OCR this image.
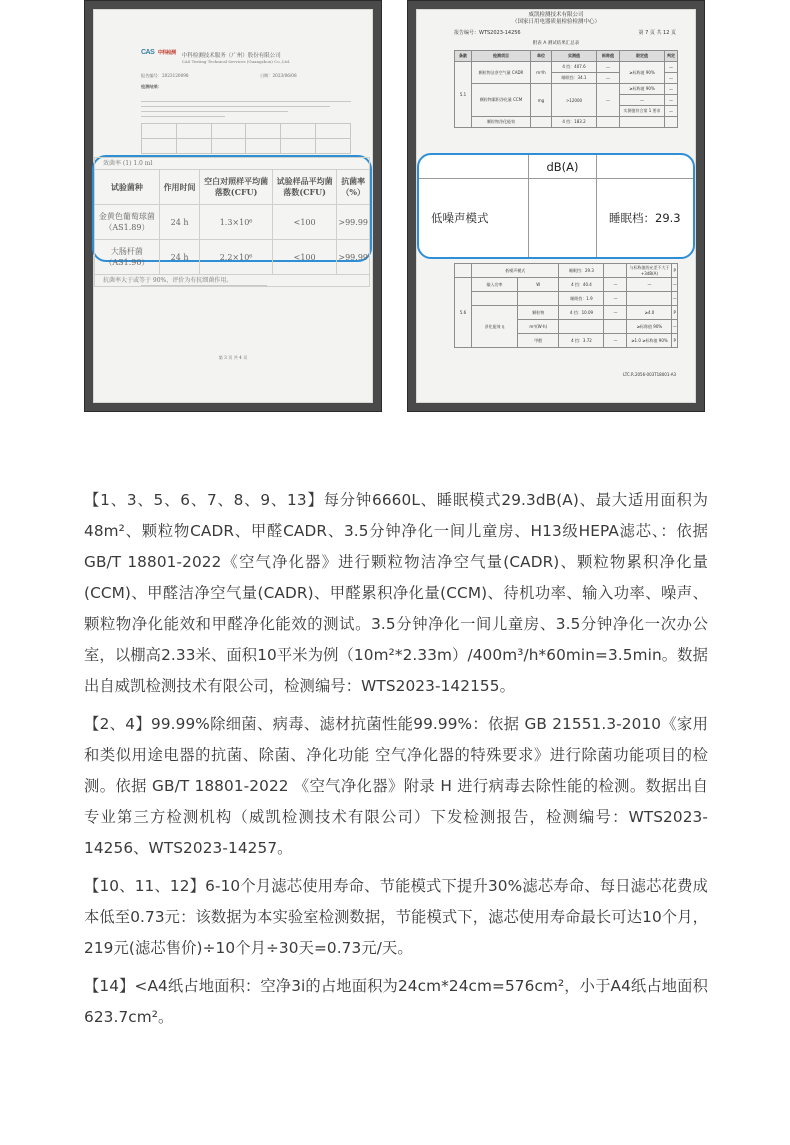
$^{CAS}$ $^{中科检测}$ 中科检测技术服务（广州）股份有限公司
CAS Testing Technical Services (Guangzhou) Co.,Ltd.
报告编号：2023120098	日期：2023/06/08
检测结果：

第 3 页 共 4 页
效菌率 (1) 1.0 ml				
试验菌种	作用时间	空白对照样平均菌落数(CFU)	试验样品平均菌落数(CFU)	抗菌率（%）
金黄色葡萄球菌（AS1.89）	24 h	1.3×10⁶	<100	>99.99
大肠杆菌（AS1.90）	24 h	2.2×10⁶	<100	>99.99
抗菌率大于或等于 90%，评价为有抗细菌作用。				
威凯检测技术有限公司
（国家日用电器质量检验检测中心）
报告编号：WTS2023-14256	第 7 页 共 12 页
附表 A 测试结果汇总表
条款	检测项目	单位	实测值	标称值	限定值	判定
5.1	颗粒物洁净空气量 CADR	m³/h	4 挡：407.6	—	≥标称值 90%	—
			睡眠挡：34.1	—		—
	颗粒物累积净化量 CCM	mg	>12000	—	≥标称值 90%	—
					—	—
					实测值符合第 1 要求	—
	颗粒物净化能效		4 挡：183.2			
	低噪声模式		睡眠挡：29.3		与标称值的允差不大于+3dB(A)	P
5.6	输入功率	W	4 挡：40.4	—	—	—
			睡眠挡：1.9	—		—
	净化能效 η	颗粒物	4 挡：10.09	—	≥4.0	P
		m³/(W·h)			≥标称值 90%	—
		甲醛	4 挡：3.72	—	≥1.0 ≥标称值 90%	P
LTC.R.2056-003T18001-A3
dB(A)
低噪声模式	睡眠档：29.3

【1、3、5、6、7、8、9、13】每分钟6660L、睡眠模式29.3dB(A)、最大适用面积为48m²、颗粒物CADR、甲醛CADR、3.5分钟净化一间儿童房、H13级HEPA滤芯、：依据 GB/T 18801-2022《空气净化器》进行颗粒物洁净空气量(CADR)、颗粒物累积净化量(CCM)、甲醛洁净空气量(CADR)、甲醛累积净化量(CCM)、待机功率、输入功率、噪声、颗粒物净化能效和甲醛净化能效的测试。3.5分钟净化一间儿童房、3.5分钟净化一次办公室，以棚高2.33米、面积10平米为例（10m²*2.33m）/400m³/h*60min=3.5min。数据出自威凯检测技术有限公司，检测编号：WTS2023-142155。

【2、4】99.99%除细菌、病毒、滤材抗菌性能99.99%：依据 GB 21551.3-2010《家用和类似用途电器的抗菌、除菌、净化功能 空气净化器的特殊要求》进行除菌功能项目的检测。依据 GB/T 18801-2022 《空气净化器》附录 H 进行病毒去除性能的检测。数据出自专业第三方检测机构（威凯检测技术有限公司）下发检测报告，检测编号：WTS2023-14256、WTS2023-14257。

【10、11、12】6-10个月滤芯使用寿命、节能模式下提升30%滤芯寿命、每日滤芯花费成本低至0.73元：该数据为本实验室检测数据，节能模式下，滤芯使用寿命最长可达10个月，219元(滤芯售价)÷10个月÷30天=0.73元/天。

【14】<A4纸占地面积：空净3i的占地面积为24cm*24cm=576cm²，小于A4纸占地面积623.7cm²。
